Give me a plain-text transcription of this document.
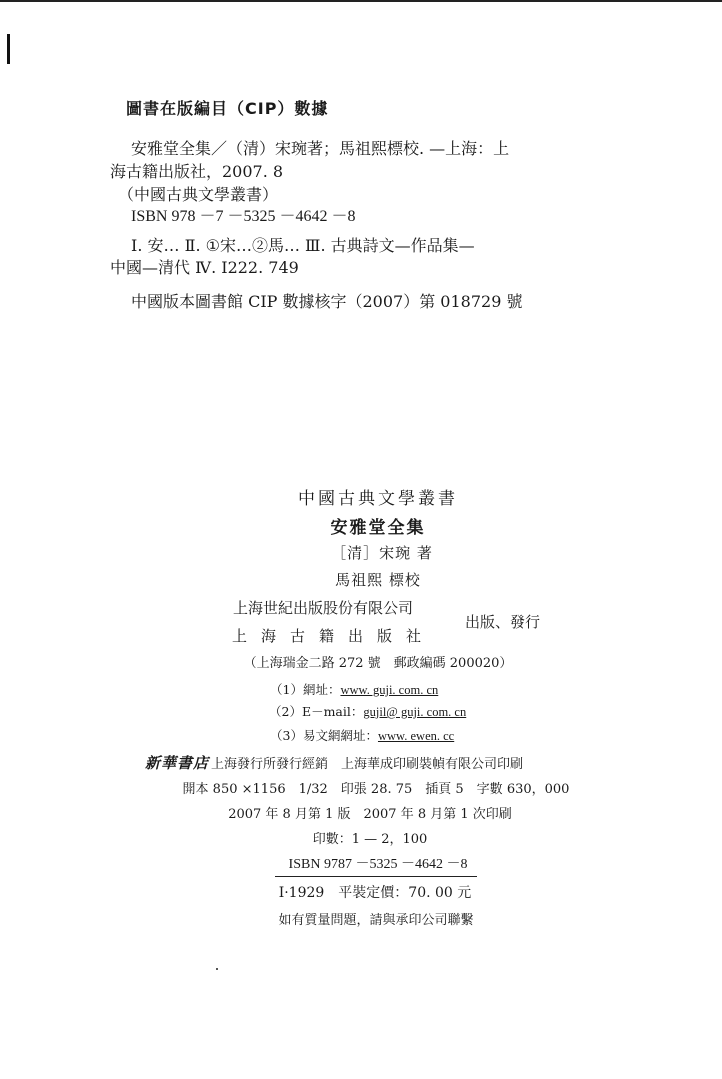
圖書在版編目（CIP）數據
安雅堂全集／（清）宋琬著；馬祖熙標校. —上海：上
海古籍出版社，2007. 8
（中國古典文學叢書）
ISBN 978 －7 －5325 －4642 －8
Ⅰ. 安… Ⅱ. ①宋…②馬… Ⅲ. 古典詩文—作品集—
中國—清代 Ⅳ. I222. 749
中國版本圖書館 CIP 數據核字（2007）第 018729 號
中國古典文學叢書
安雅堂全集
［清］宋琬 著
馬祖熙 標校
上海世紀出版股份有限公司
上海古籍出版社
出版、發行
（上海瑞金二路 272 號　郵政編碼 200020）
（1）網址：www. guji. com. cn
（2）E－mail：gujil@ guji. com. cn
（3）易文網網址：www. ewen. cc
新華書店 上海發行所發行經銷　上海華成印刷裝幀有限公司印刷
開本 850 ×1156　1/32　印張 28. 75　插頁 5　字數 630，000
2007 年 8 月第 1 版　2007 年 8 月第 1 次印刷
印數：1 — 2，100
ISBN 9787 －5325 －4642 －8
I·1929　平裝定價：70. 00 元
如有質量問題，請與承印公司聯繫
